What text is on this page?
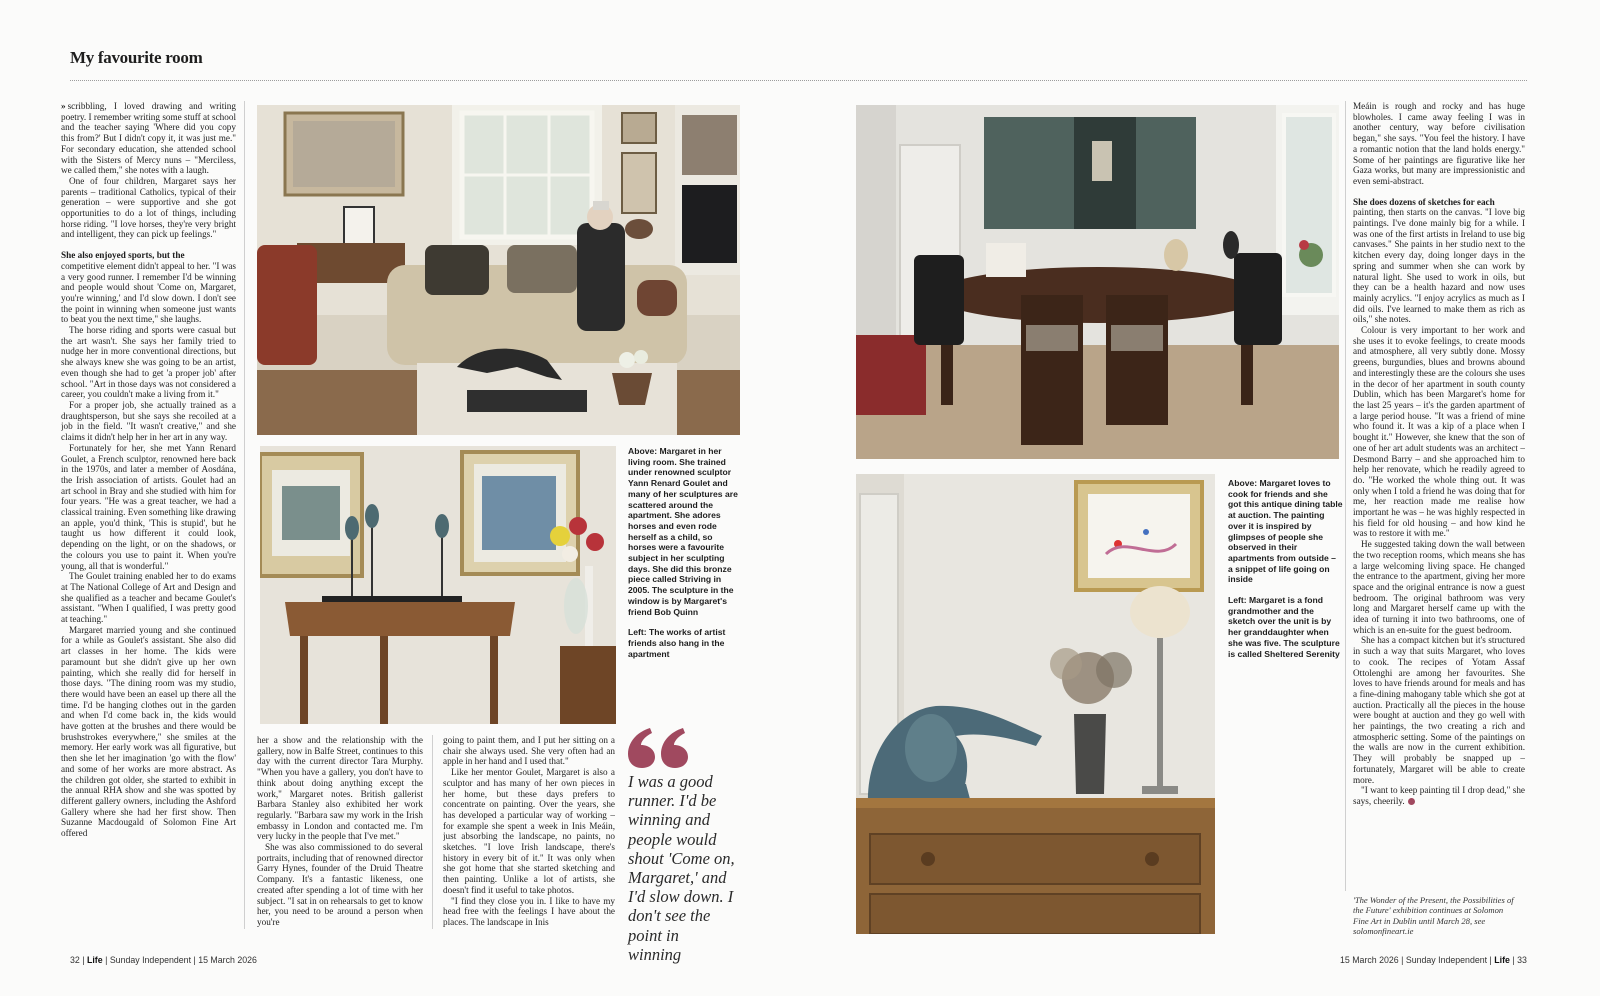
My favourite room

» scribbling, I loved drawing and writing poetry. I remember writing some stuff at school and the teacher saying 'Where did you copy this from?' But I didn't copy it, it was just me." For secondary education, she attended school with the Sisters of Mercy nuns – "Merciless, we called them," she notes with a laugh.

One of four children, Margaret says her parents – traditional Catholics, typical of their generation – were supportive and she got opportunities to do a lot of things, including horse riding. "I love horses, they're very bright and intelligent, they can pick up feelings."

She also enjoyed sports, but the

competitive element didn't appeal to her. "I was a very good runner. I remember I'd be winning and people would shout 'Come on, Margaret, you're winning,' and I'd slow down. I don't see the point in winning when someone just wants to beat you the next time," she laughs.

The horse riding and sports were casual but the art wasn't. She says her family tried to nudge her in more conventional directions, but she always knew she was going to be an artist, even though she had to get 'a proper job' after school. "Art in those days was not considered a career, you couldn't make a living from it."

For a proper job, she actually trained as a draughtsperson, but she says she recoiled at a job in the field. "It wasn't creative," and she claims it didn't help her in her art in any way.

Fortunately for her, she met Yann Renard Goulet, a French sculptor, renowned here back in the 1970s, and later a member of Aosdána, the Irish association of artists. Goulet had an art school in Bray and she studied with him for four years. "He was a great teacher, we had a classical training. Even something like drawing an apple, you'd think, 'This is stupid', but he taught us how different it could look, depending on the light, or on the shadows, or the colours you use to paint it. When you're young, all that is wonderful."

The Goulet training enabled her to do exams at The National College of Art and Design and she qualified as a teacher and became Goulet's assistant. "When I qualified, I was pretty good at teaching."

Margaret married young and she continued for a while as Goulet's assistant. She also did art classes in her home. The kids were paramount but she didn't give up her own painting, which she really did for herself in those days. "The dining room was my studio, there would have been an easel up there all the time. I'd be hanging clothes out in the garden and when I'd come back in, the kids would have gotten at the brushes and there would be brushstrokes everywhere," she smiles at the memory. Her early work was all figurative, but then she let her imagination 'go with the flow' and some of her works are more abstract. As the children got older, she started to exhibit in the annual RHA show and she was spotted by different gallery owners, including the Ashford Gallery where she had her first show. Then Suzanne Macdougald of Solomon Fine Art offered

Above: Margaret in her living room. She trained under renowned sculptor Yann Renard Goulet and many of her sculptures are scattered around the apartment. She adores horses and even rode herself as a child, so horses were a favourite subject in her sculpting days. She did this bronze piece called Striving in 2005. The sculpture in the window is by Margaret's friend Bob Quinn

Left: The works of artist friends also hang in the apartment

her a show and the relationship with the gallery, now in Balfe Street, continues to this day with the current director Tara Murphy. "When you have a gallery, you don't have to think about doing anything except the work," Margaret notes. British gallerist Barbara Stanley also exhibited her work regularly. "Barbara saw my work in the Irish embassy in London and contacted me. I'm very lucky in the people that I've met."

She was also commissioned to do several portraits, including that of renowned director Garry Hynes, founder of the Druid Theatre Company. It's a fantastic likeness, one created after spending a lot of time with her subject. "I sat in on rehearsals to get to know her, you need to be around a person when you're

going to paint them, and I put her sitting on a chair she always used. She very often had an apple in her hand and I used that."

Like her mentor Goulet, Margaret is also a sculptor and has many of her own pieces in her home, but these days prefers to concentrate on painting. Over the years, she has developed a particular way of working – for example she spent a week in Inis Meáin, just absorbing the landscape, no paints, no sketches. "I love Irish landscape, there's history in every bit of it." It was only when she got home that she started sketching and then painting. Unlike a lot of artists, she doesn't find it useful to take photos.

"I find they close you in. I like to have my head free with the feelings I have about the places. The landscape in Inis

I was a good runner. I'd be winning and people would shout 'Come on, Margaret,' and I'd slow down. I don't see the point in winning
32 | Life | Sunday Independent | 15 March 2026

Above: Margaret loves to cook for friends and she got this antique dining table at auction. The painting over it is inspired by glimpses of people she observed in their apartments from outside – a snippet of life going on inside

Left: Margaret is a fond grandmother and the sketch over the unit is by her granddaughter when she was five. The sculpture is called Sheltered Serenity

Meáin is rough and rocky and has huge blowholes. I came away feeling I was in another century, way before civilisation began," she says. "You feel the history. I have a romantic notion that the land holds energy." Some of her paintings are figurative like her Gaza works, but many are impressionistic and even semi-abstract.

She does dozens of sketches for each

painting, then starts on the canvas. "I love big paintings. I've done mainly big for a while. I was one of the first artists in Ireland to use big canvases." She paints in her studio next to the kitchen every day, doing longer days in the spring and summer when she can work by natural light. She used to work in oils, but they can be a health hazard and now uses mainly acrylics. "I enjoy acrylics as much as I did oils. I've learned to make them as rich as oils," she notes.

Colour is very important to her work and she uses it to evoke feelings, to create moods and atmosphere, all very subtly done. Mossy greens, burgundies, blues and browns abound and interestingly these are the colours she uses in the decor of her apartment in south county Dublin, which has been Margaret's home for the last 25 years – it's the garden apartment of a large period house. "It was a friend of mine who found it. It was a kip of a place when I bought it." However, she knew that the son of one of her art adult students was an architect – Desmond Barry – and she approached him to help her renovate, which he readily agreed to do. "He worked the whole thing out. It was only when I told a friend he was doing that for me, her reaction made me realise how important he was – he was highly respected in his field for old housing – and how kind he was to restore it with me."

He suggested taking down the wall between the two reception rooms, which means she has a large welcoming living space. He changed the entrance to the apartment, giving her more space and the original entrance is now a guest bedroom. The original bathroom was very long and Margaret herself came up with the idea of turning it into two bathrooms, one of which is an en-suite for the guest bedroom.

She has a compact kitchen but it's structured in such a way that suits Margaret, who loves to cook. The recipes of Yotam Assaf Ottolenghi are among her favourites. She loves to have friends around for meals and has a fine-dining mahogany table which she got at auction. Practically all the pieces in the house were bought at auction and they go well with her paintings, the two creating a rich and atmospheric setting. Some of the paintings on the walls are now in the current exhibition. They will probably be snapped up – fortunately, Margaret will be able to create more.

"I want to keep painting til I drop dead," she says, cheerily.

'The Wonder of the Present, the Possibilities of the Future' exhibition continues at Solomon Fine Art in Dublin until March 28, see solomonfineart.ie
15 March 2026 | Sunday Independent | Life | 33
